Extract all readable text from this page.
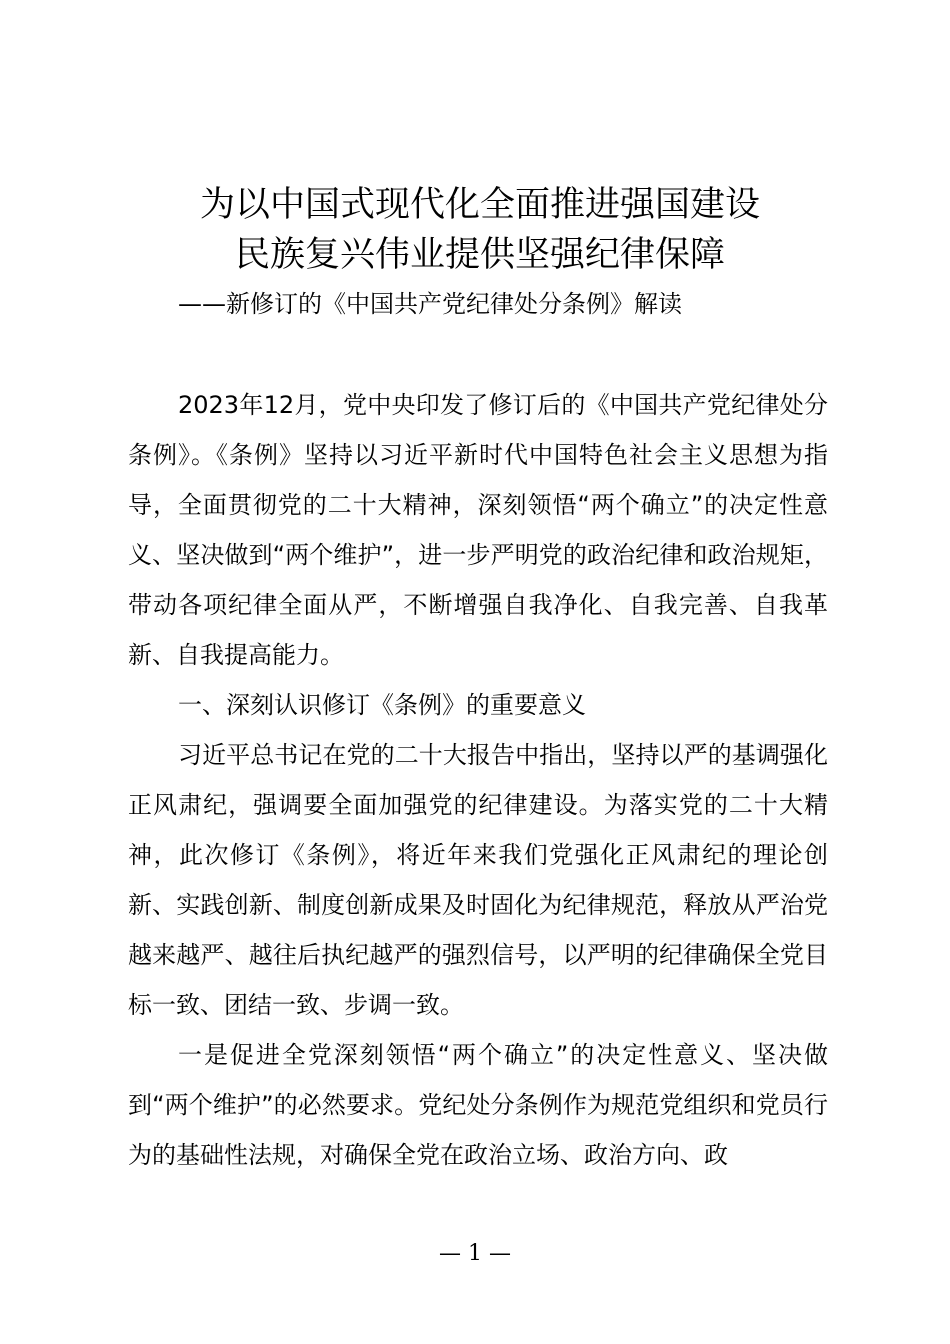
为以中国式现代化全面推进强国建设
民族复兴伟业提供坚强纪律保障
——新修订的《中国共产党纪律处分条例》解读

2023年12月，党中央印发了修订后的《中国共产党纪律处分条例》。《条例》坚持以习近平新时代中国特色社会主义思想为指导，全面贯彻党的二十大精神，深刻领悟“两个确立”的决定性意义、坚决做到“两个维护”，进一步严明党的政治纪律和政治规矩，带动各项纪律全面从严，不断增强自我净化、自我完善、自我革新、自我提高能力。

一、深刻认识修订《条例》的重要意义

习近平总书记在党的二十大报告中指出，坚持以严的基调强化正风肃纪，强调要全面加强党的纪律建设。为落实党的二十大精神，此次修订《条例》，将近年来我们党强化正风肃纪的理论创新、实践创新、制度创新成果及时固化为纪律规范，释放从严治党越来越严、越往后执纪越严的强烈信号，以严明的纪律确保全党目标一致、团结一致、步调一致。

一是促进全党深刻领悟“两个确立”的决定性意义、坚决做到“两个维护”的必然要求。党纪处分条例作为规范党组织和党员行为的基础性法规，对确保全党在政治立场、政治方向、政

— 1 —
